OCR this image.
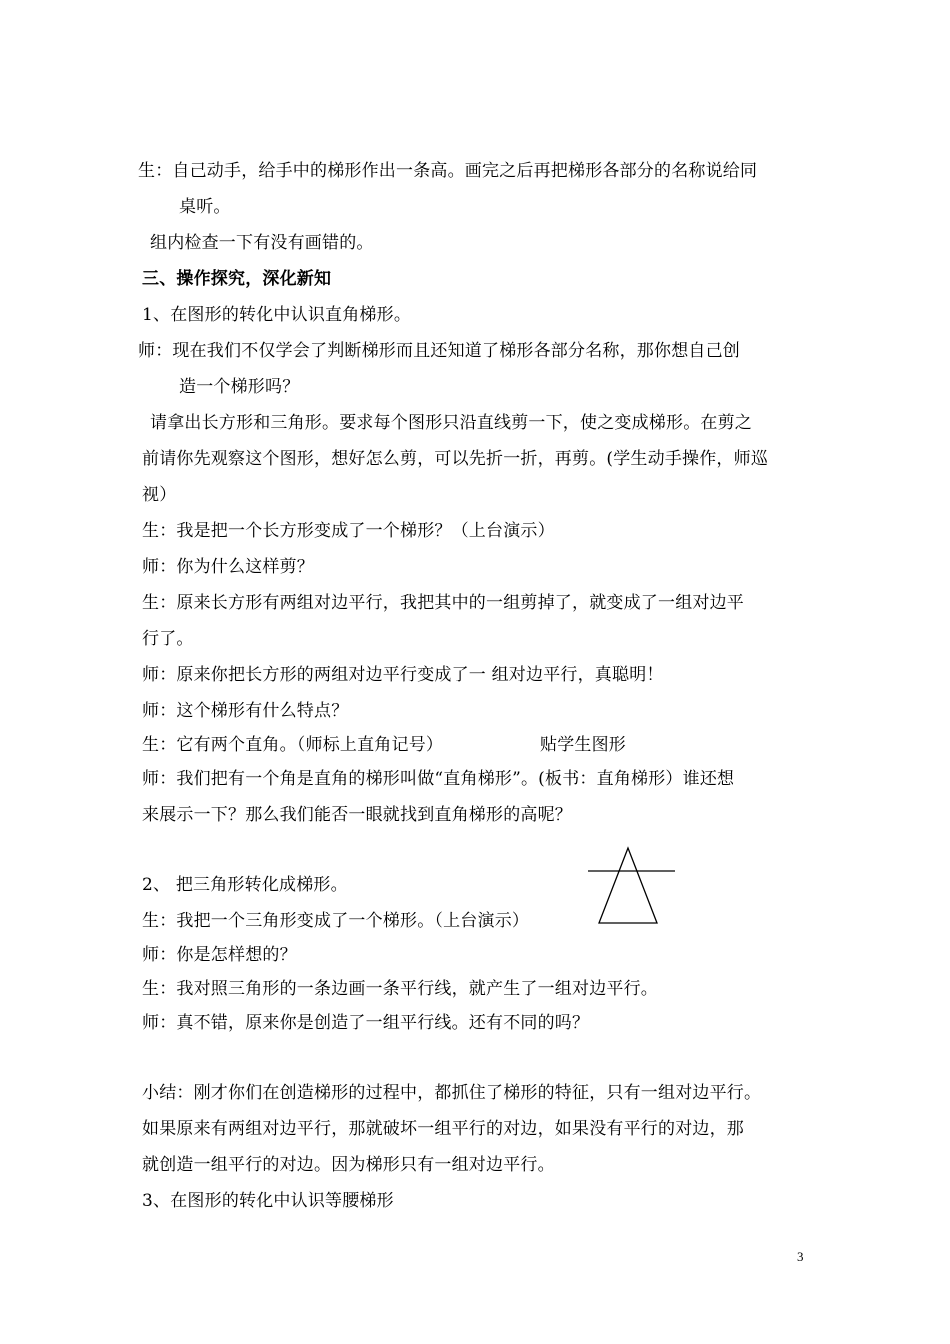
生：自己动手，给手中的梯形作出一条高。画完之后再把梯形各部分的名称说给同
桌听。
组内检查一下有没有画错的。
三、操作探究，深化新知
1、在图形的转化中认识直角梯形。
师：现在我们不仅学会了判断梯形而且还知道了梯形各部分名称，那你想自己创
造一个梯形吗？
请拿出长方形和三角形。要求每个图形只沿直线剪一下，使之变成梯形。在剪之
前请你先观察这个图形，想好怎么剪，可以先折一折，再剪。(学生动手操作，师巡
视）
生：我是把一个长方形变成了一个梯形？（上台演示）
师：你为什么这样剪？
生：原来长方形有两组对边平行，我把其中的一组剪掉了，就变成了一组对边平
行了。
师：原来你把长方形的两组对边平行变成了一 组对边平行，真聪明！
师：这个梯形有什么特点？
生：它有两个直角。（师标上直角记号）	贴学生图形
师：我们把有一个角是直角的梯形叫做“直角梯形”。(板书：直角梯形）谁还想
来展示一下？那么我们能否一眼就找到直角梯形的高呢？
2、 把三角形转化成梯形。
生：我把一个三角形变成了一个梯形。（上台演示）
师：你是怎样想的？
生：我对照三角形的一条边画一条平行线，就产生了一组对边平行。
师：真不错，原来你是创造了一组平行线。还有不同的吗？
小结：刚才你们在创造梯形的过程中，都抓住了梯形的特征，只有一组对边平行。
如果原来有两组对边平行，那就破坏一组平行的对边，如果没有平行的对边，那
就创造一组平行的对边。因为梯形只有一组对边平行。
3、在图形的转化中认识等腰梯形
3
